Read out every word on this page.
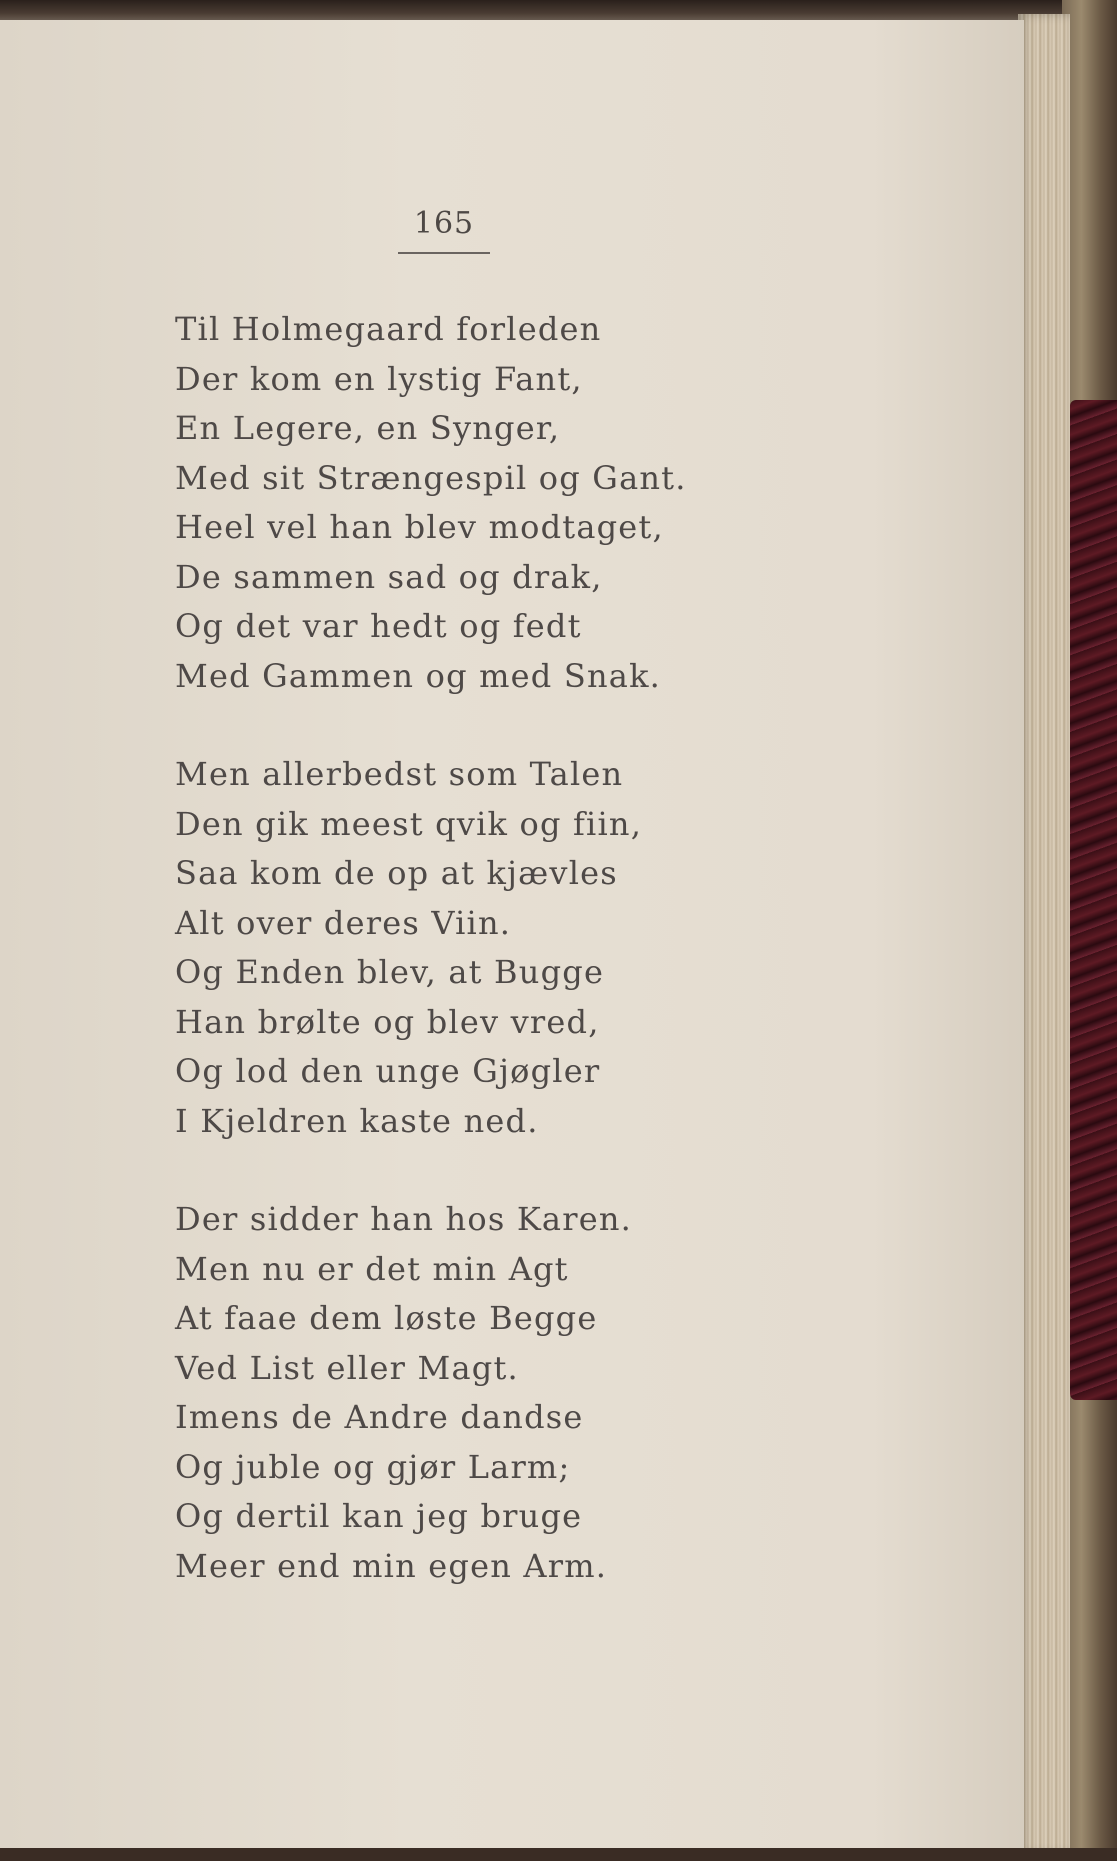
165
Til Holmegaard forleden
Der kom en lystig Fant,
En Legere, en Synger,
Med sit Strængespil og Gant.
Heel vel han blev modtaget,
De sammen sad og drak,
Og det var hedt og fedt
Med Gammen og med Snak.
Men allerbedst som Talen
Den gik meest qvik og fiin,
Saa kom de op at kjævles
Alt over deres Viin.
Og Enden blev, at Bugge
Han brølte og blev vred,
Og lod den unge Gjøgler
I Kjeldren kaste ned.
Der sidder han hos Karen.
Men nu er det min Agt
At faae dem løste Begge
Ved List eller Magt.
Imens de Andre dandse
Og juble og gjør Larm;
Og dertil kan jeg bruge
Meer end min egen Arm.
